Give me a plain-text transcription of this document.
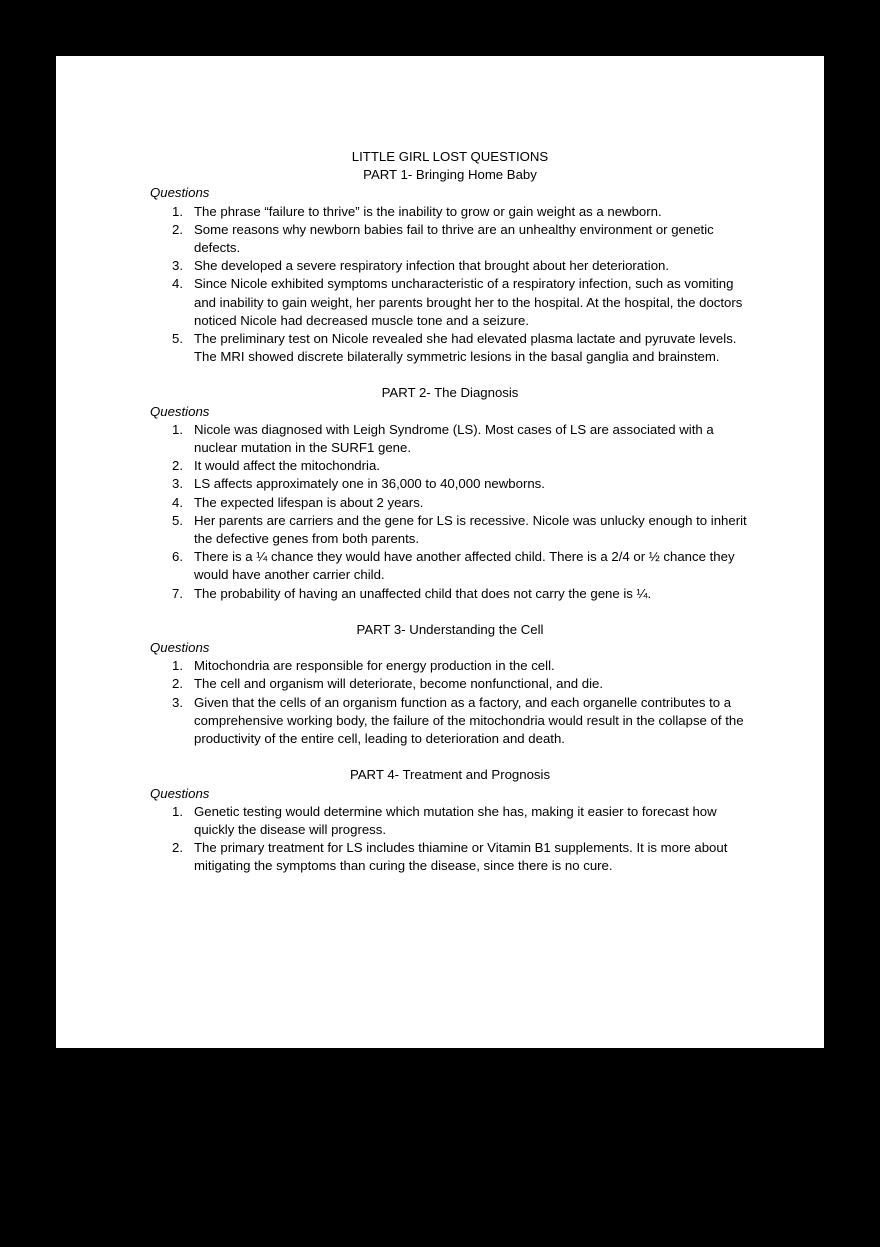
LITTLE GIRL LOST QUESTIONS

PART 1- Bringing Home Baby

Questions

1. The phrase “failure to thrive” is the inability to grow or gain weight as a newborn.
2. Some reasons why newborn babies fail to thrive are an unhealthy environment or genetic defects.
3. She developed a severe respiratory infection that brought about her deterioration.
4. Since Nicole exhibited symptoms uncharacteristic of a respiratory infection, such as vomiting and inability to gain weight, her parents brought her to the hospital. At the hospital, the doctors noticed Nicole had decreased muscle tone and a seizure.
5. The preliminary test on Nicole revealed she had elevated plasma lactate and pyruvate levels. The MRI showed discrete bilaterally symmetric lesions in the basal ganglia and brainstem.

PART 2- The Diagnosis

Questions

1. Nicole was diagnosed with Leigh Syndrome (LS). Most cases of LS are associated with a nuclear mutation in the SURF1 gene.
2. It would affect the mitochondria.
3. LS affects approximately one in 36,000 to 40,000 newborns.
4. The expected lifespan is about 2 years.
5. Her parents are carriers and the gene for LS is recessive. Nicole was unlucky enough to inherit the defective genes from both parents.
6. There is a ¼ chance they would have another affected child. There is a 2/4 or ½ chance they would have another carrier child.
7. The probability of having an unaffected child that does not carry the gene is ¼.

PART 3- Understanding the Cell

Questions

1. Mitochondria are responsible for energy production in the cell.
2. The cell and organism will deteriorate, become nonfunctional, and die.
3. Given that the cells of an organism function as a factory, and each organelle contributes to a comprehensive working body, the failure of the mitochondria would result in the collapse of the productivity of the entire cell, leading to deterioration and death.

PART 4- Treatment and Prognosis

Questions

1. Genetic testing would determine which mutation she has, making it easier to forecast how quickly the disease will progress.
2. The primary treatment for LS includes thiamine or Vitamin B1 supplements. It is more about mitigating the symptoms than curing the disease, since there is no cure.
